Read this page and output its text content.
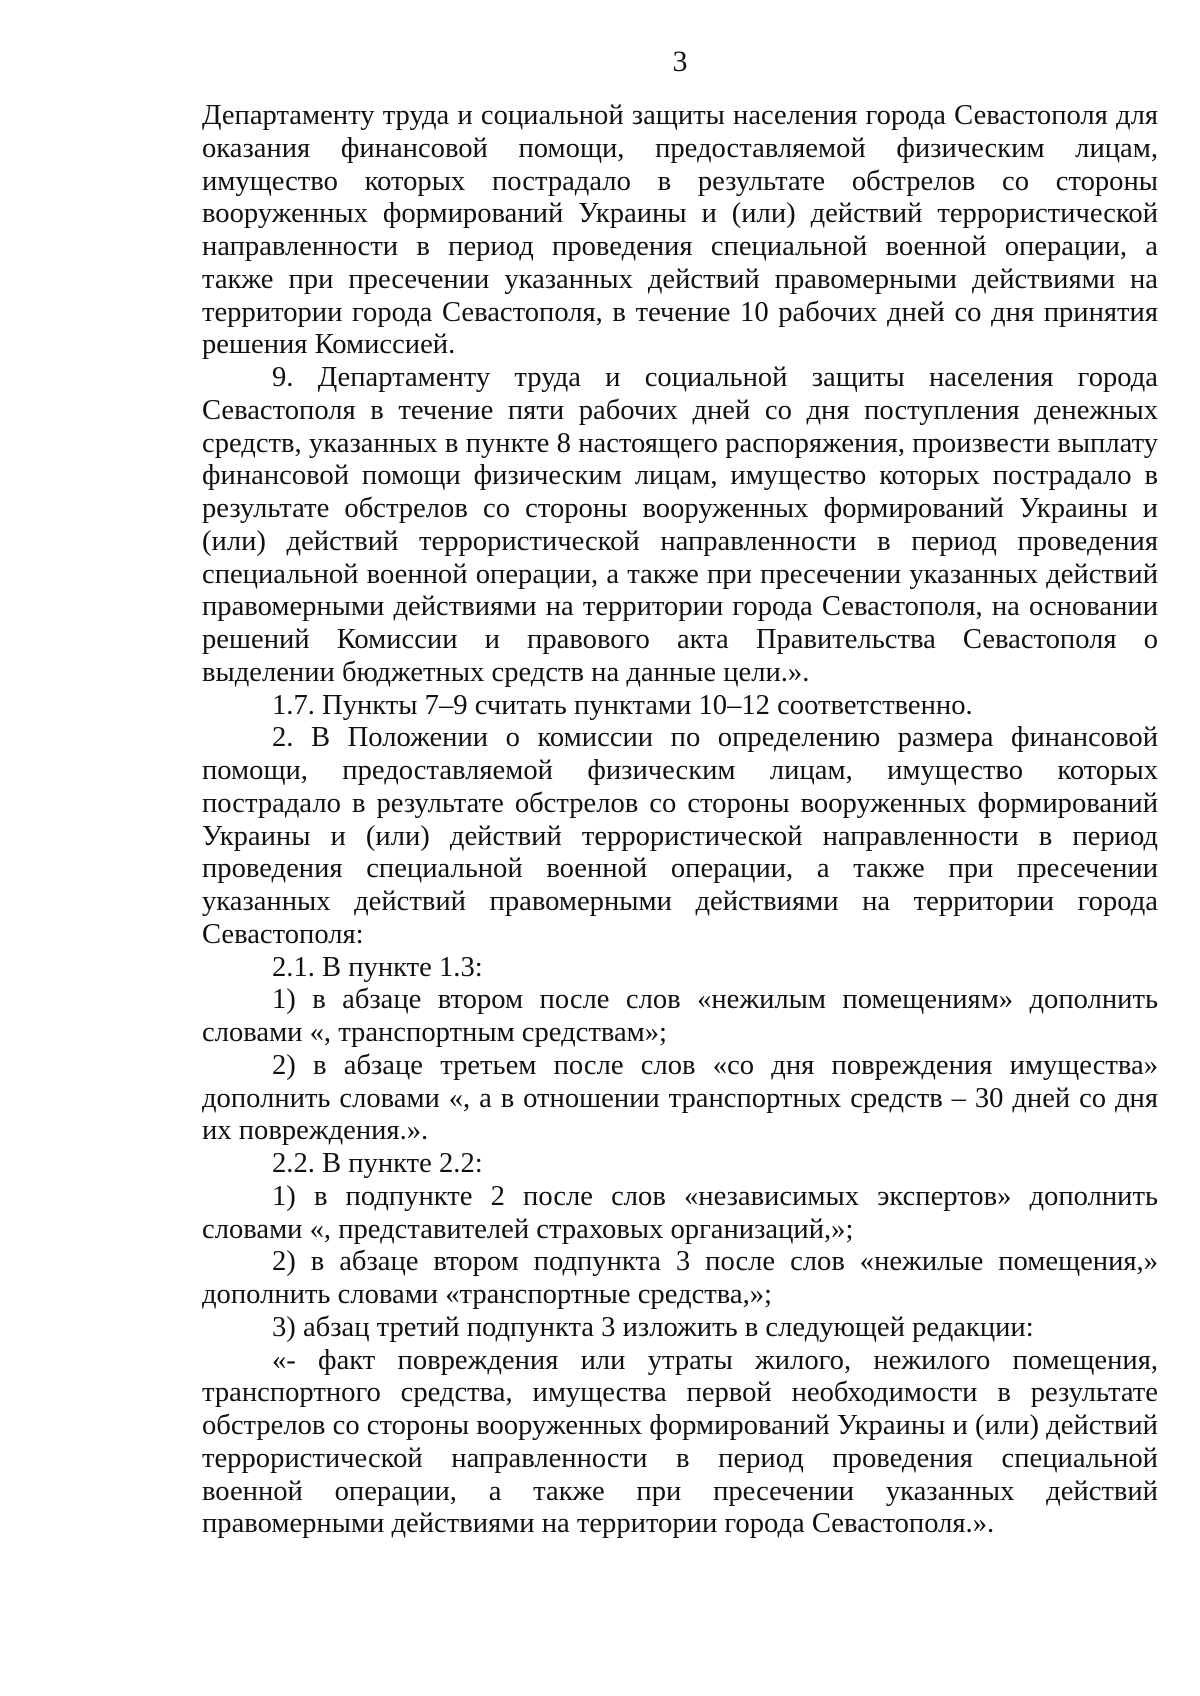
3

Департаменту труда и социальной защиты населения города Севастополя для оказания финансовой помощи, предоставляемой физическим лицам, имущество которых пострадало в результате обстрелов со стороны вооруженных формирований Украины и (или) действий террористической направленности в период проведения специальной военной операции, а также при пресечении указанных действий правомерными действиями на территории города Севастополя, в течение 10 рабочих дней со дня принятия решения Комиссией.

9. Департаменту труда и социальной защиты населения города Севастополя в течение пяти рабочих дней со дня поступления денежных средств, указанных в пункте 8 настоящего распоряжения, произвести выплату финансовой помощи физическим лицам, имущество которых пострадало в результате обстрелов со стороны вооруженных формирований Украины и (или) действий террористической направленности в период проведения специальной военной операции, а также при пресечении указанных действий правомерными действиями на территории города Севастополя, на основании решений Комиссии и правового акта Правительства Севастополя о выделении бюджетных средств на данные цели.».

1.7. Пункты 7–9 считать пунктами 10–12 соответственно.

2. В Положении о комиссии по определению размера финансовой помощи, предоставляемой физическим лицам, имущество которых пострадало в результате обстрелов со стороны вооруженных формирований Украины и (или) действий террористической направленности в период проведения специальной военной операции, а также при пресечении указанных действий правомерными действиями на территории города Севастополя:

2.1. В пункте 1.3:

1) в абзаце втором после слов «нежилым помещениям» дополнить словами «, транспортным средствам»;

2) в абзаце третьем после слов «со дня повреждения имущества» дополнить словами «, а в отношении транспортных средств – 30 дней со дня их повреждения.».

2.2. В пункте 2.2:

1) в подпункте 2 после слов «независимых экспертов» дополнить словами «, представителей страховых организаций,»;

2) в абзаце втором подпункта 3 после слов «нежилые помещения,» дополнить словами «транспортные средства,»;

3) абзац третий подпункта 3 изложить в следующей редакции:

«- факт повреждения или утраты жилого, нежилого помещения, транспортного средства, имущества первой необходимости в результате обстрелов со стороны вооруженных формирований Украины и (или) действий террористической направленности в период проведения специальной военной операции, а также при пресечении указанных действий правомерными действиями на территории города Севастополя.».
